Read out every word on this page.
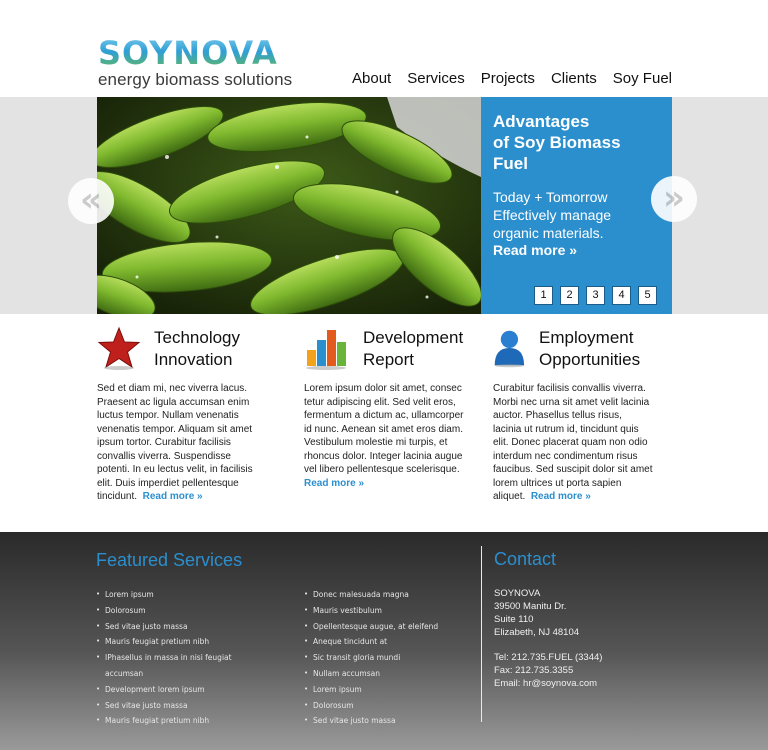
SOYNOVA
energy biomass solutions	About Services Projects Clients Soy Fuel
Advantages
of Soy Biomass Fuel
Today + Tomorrow Effectively manage organic materials.
Read more »
1	2	3	4	5
«	»
Technology
Innovation

Sed et diam mi, nec viverra lacus. Praesent ac ligula accumsan enim luctus tempor. Nullam venenatis venenatis tempor. Aliquam sit amet ipsum tortor. Curabitur facilisis convallis viverra. Suspendisse potenti. In eu lectus velit, in facilisis elit. Duis imperdiet pellentesque tincidunt. Read more »

Development
Report

Lorem ipsum dolor sit amet, consec tetur adipiscing elit. Sed velit eros, fermentum a dictum ac, ullamcorper id nunc. Aenean sit amet eros diam. Vestibulum molestie mi turpis, et rhoncus dolor. Integer lacinia augue vel libero pellentesque scelerisque.
Read more »

Employment
Opportunities

Curabitur facilisis convallis viverra. Morbi nec urna sit amet velit lacinia auctor. Phasellus tellus risus, lacinia ut rutrum id, tincidunt quis elit. Donec placerat quam non odio interdum nec condimentum risus faucibus. Sed suscipit dolor sit amet lorem ultrices ut porta sapien aliquet. Read more »

Featured Services
• Lorem ipsum
• Dolorosum
• Sed vitae justo massa
• Mauris feugiat pretium nibh
• IPhasellus in massa in nisi feugiat accumsan
• Development lorem ipsum
• Sed vitae justo massa
• Mauris feugiat pretium nibh
• Donec malesuada magna
• Mauris vestibulum
• Opellentesque augue, at eleifend
• Aneque tincidunt at
• Sic transit gloria mundi
• Nullam accumsan
• Lorem ipsum
• Dolorosum
• Sed vitae justo massa
Contact
SOYNOVA
39500 Manitu Dr.
Suite 110
Elizabeth, NJ 48104
Tel: 212.735.FUEL (3344)
Fax: 212.735.3355
Email: hr@soynova.com
